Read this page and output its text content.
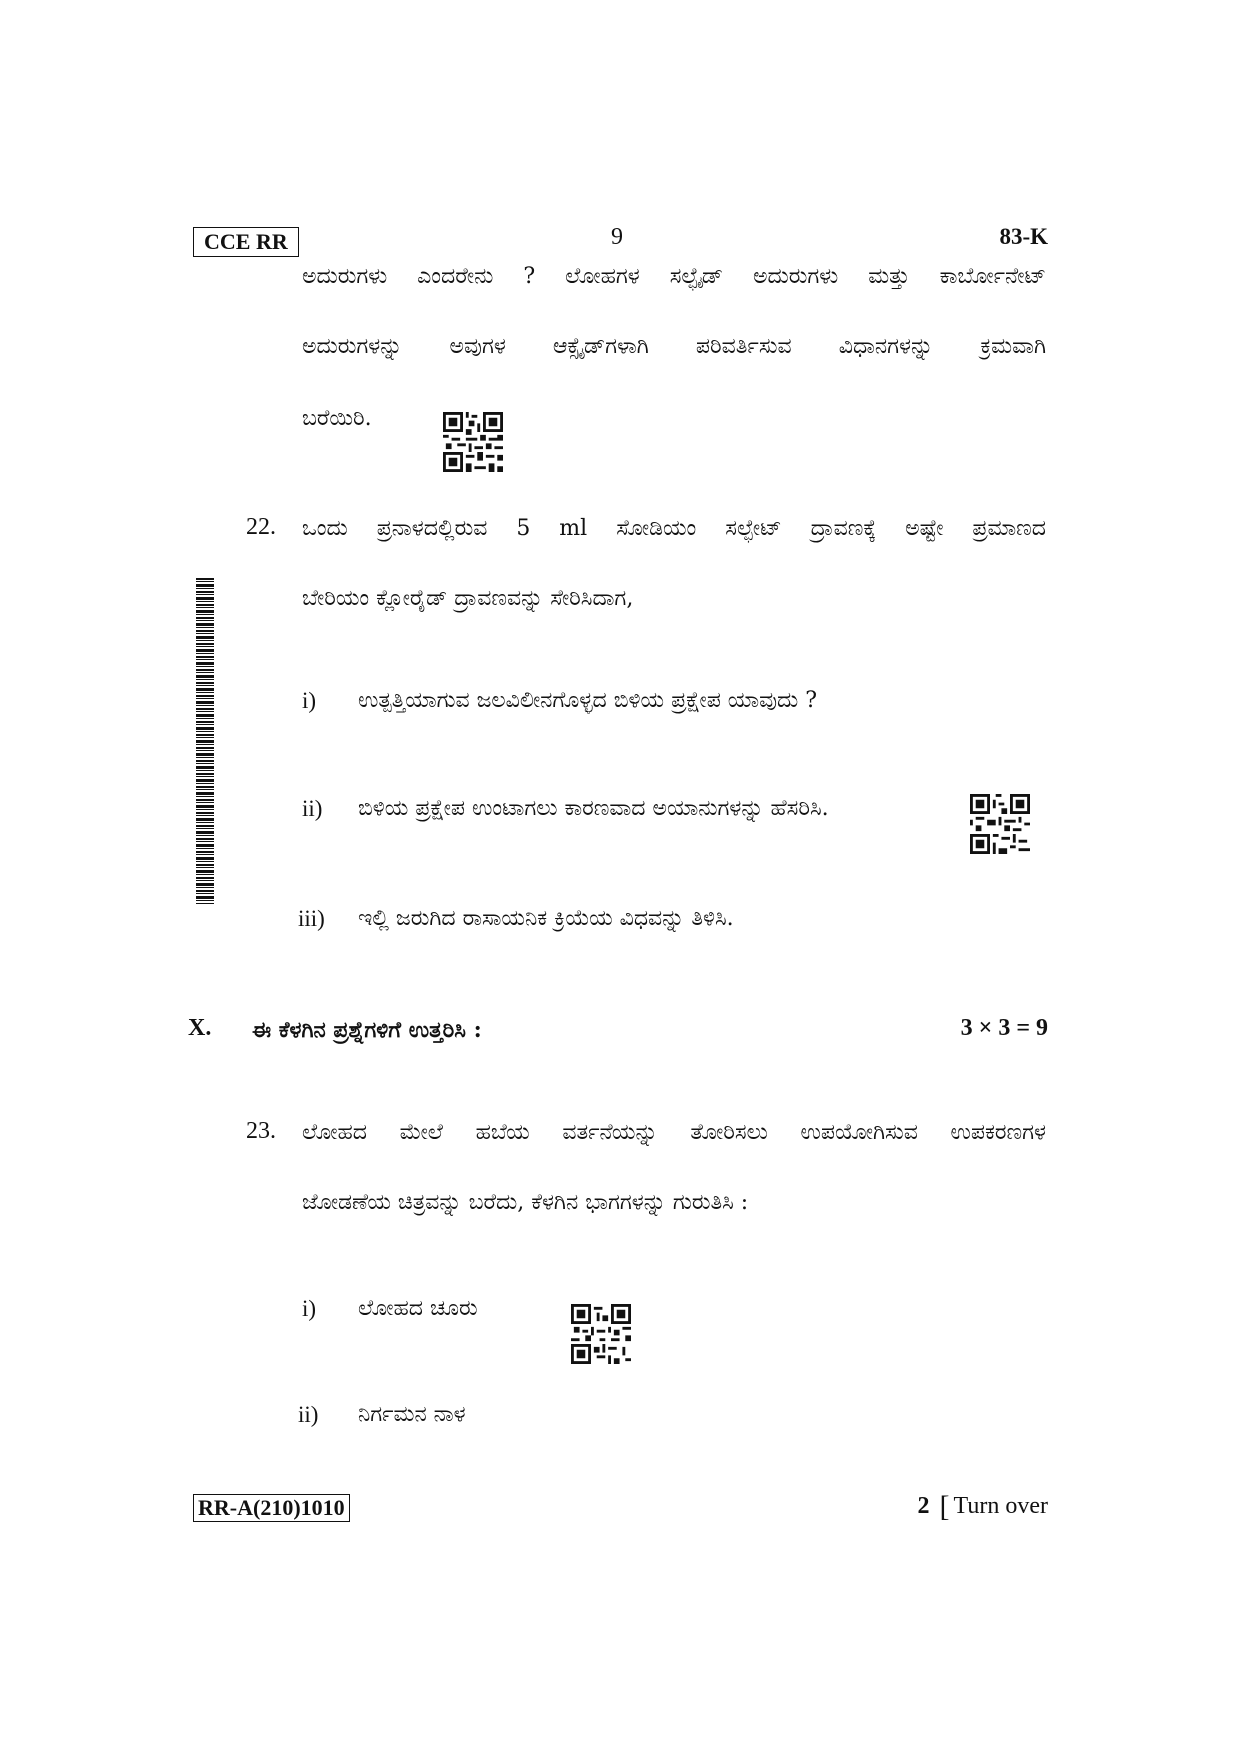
CCE RR	9	83-K
ಅದುರುಗಳು ಎಂದರೇನು ? ಲೋಹಗಳ ಸಲ್ಫೈಡ್ ಅದುರುಗಳು ಮತ್ತು ಕಾರ್ಬೋನೇಟ್
ಅದುರುಗಳನ್ನು ಅವುಗಳ ಆಕ್ಸೈಡ್‌ಗಳಾಗಿ ಪರಿವರ್ತಿಸುವ ವಿಧಾನಗಳನ್ನು ಕ್ರಮವಾಗಿ
ಬರೆಯಿರಿ.
22. ಒಂದು ಪ್ರನಾಳದಲ್ಲಿರುವ 5 ml ಸೋಡಿಯಂ ಸಲ್ಫೇಟ್ ದ್ರಾವಣಕ್ಕೆ ಅಷ್ಟೇ ಪ್ರಮಾಣದ
ಬೇರಿಯಂ ಕ್ಲೋರೈಡ್ ದ್ರಾವಣವನ್ನು ಸೇರಿಸಿದಾಗ,
i) ಉತ್ಪತ್ತಿಯಾಗುವ ಜಲವಿಲೀನಗೊಳ್ಳದ ಬಿಳಿಯ ಪ್ರಕ್ಷೇಪ ಯಾವುದು ?
ii) ಬಿಳಿಯ ಪ್ರಕ್ಷೇಪ ಉಂಟಾಗಲು ಕಾರಣವಾದ ಅಯಾನುಗಳನ್ನು ಹೆಸರಿಸಿ.
iii) ಇಲ್ಲಿ ಜರುಗಿದ ರಾಸಾಯನಿಕ ಕ್ರಿಯೆಯ ವಿಧವನ್ನು ತಿಳಿಸಿ.
X. ಈ ಕೆಳಗಿನ ಪ್ರಶ್ನೆಗಳಿಗೆ ಉತ್ತರಿಸಿ :	3 × 3 = 9
23. ಲೋಹದ ಮೇಲೆ ಹಬೆಯ ವರ್ತನೆಯನ್ನು ತೋರಿಸಲು ಉಪಯೋಗಿಸುವ ಉಪಕರಣಗಳ
ಜೋಡಣೆಯ ಚಿತ್ರವನ್ನು ಬರೆದು, ಕೆಳಗಿನ ಭಾಗಗಳನ್ನು ಗುರುತಿಸಿ :
i) ಲೋಹದ ಚೂರು
ii) ನಿರ್ಗಮನ ನಾಳ
RR-A(210)1010	2 [ Turn over
